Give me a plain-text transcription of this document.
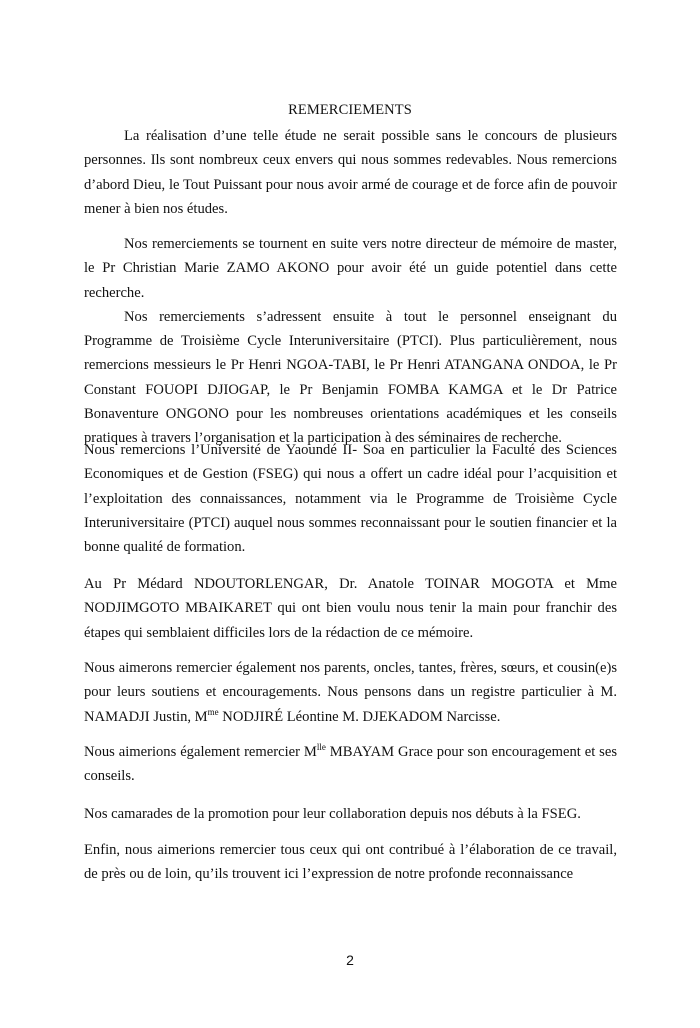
REMERCIEMENTS

La réalisation d’une telle étude ne serait possible sans le concours de plusieurs personnes. Ils sont nombreux ceux envers qui nous sommes redevables. Nous remercions d’abord Dieu, le Tout Puissant pour nous avoir armé de courage et de force afin de pouvoir mener à bien nos études.

Nos remerciements se tournent en suite vers notre directeur de mémoire de master, le Pr Christian Marie ZAMO AKONO pour avoir été un guide potentiel dans cette recherche.

Nos remerciements s’adressent ensuite à tout le personnel enseignant du Programme de Troisième Cycle Interuniversitaire (PTCI). Plus particulièrement, nous remercions messieurs le Pr Henri NGOA-TABI, le Pr Henri ATANGANA ONDOA, le Pr Constant FOUOPI DJIOGAP, le Pr Benjamin FOMBA KAMGA et le Dr Patrice Bonaventure ONGONO pour les nombreuses orientations académiques et les conseils pratiques à travers l’organisation et la participation à des séminaires de recherche.

Nous remercions l’Université de Yaoundé II- Soa en particulier la Faculté des Sciences Economiques et de Gestion (FSEG) qui nous a offert un cadre idéal pour l’acquisition et l’exploitation des connaissances, notamment via le Programme de Troisième Cycle Interuniversitaire (PTCI) auquel nous sommes reconnaissant pour le soutien financier et la bonne qualité de formation.

Au Pr Médard NDOUTORLENGAR, Dr. Anatole TOINAR MOGOTA et Mme NODJIMGOTO MBAIKARET qui ont bien voulu nous tenir la main pour franchir des étapes qui semblaient difficiles lors de la rédaction de ce mémoire.

Nous aimerons remercier également nos parents, oncles, tantes, frères, sœurs, et cousin(e)s pour leurs soutiens et encouragements. Nous pensons dans un registre particulier à M. NAMADJI Justin, $M^{me}$ NODJIRÉ Léontine M. DJEKADOM Narcisse.

Nous aimerions également remercier $M^{lle}$ MBAYAM Grace pour son encouragement et ses conseils.

Nos camarades de la promotion pour leur collaboration depuis nos débuts à la FSEG.

Enfin, nous aimerions remercier tous ceux qui ont contribué à l’élaboration de ce travail, de près ou de loin, qu’ils trouvent ici l’expression de notre profonde reconnaissance

2
